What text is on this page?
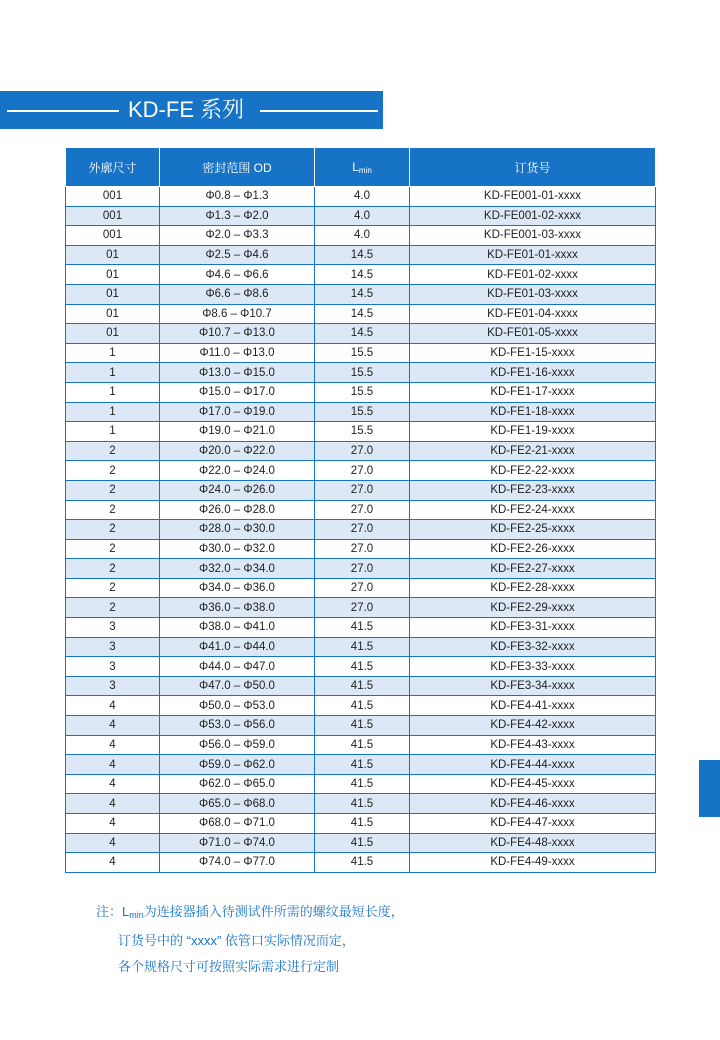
KD-FE 系列
外廓尺寸	密封范围 OD	$L_{min}$	订货号
001	Φ0.8 – Φ1.3	4.0	KD-FE001-01-xxxx
001	Φ1.3 – Φ2.0	4.0	KD-FE001-02-xxxx
001	Φ2.0 – Φ3.3	4.0	KD-FE001-03-xxxx
01	Φ2.5 – Φ4.6	14.5	KD-FE01-01-xxxx
01	Φ4.6 – Φ6.6	14.5	KD-FE01-02-xxxx
01	Φ6.6 – Φ8.6	14.5	KD-FE01-03-xxxx
01	Φ8.6 – Φ10.7	14.5	KD-FE01-04-xxxx
01	Φ10.7 – Φ13.0	14.5	KD-FE01-05-xxxx
1	Φ11.0 – Φ13.0	15.5	KD-FE1-15-xxxx
1	Φ13.0 – Φ15.0	15.5	KD-FE1-16-xxxx
1	Φ15.0 – Φ17.0	15.5	KD-FE1-17-xxxx
1	Φ17.0 – Φ19.0	15.5	KD-FE1-18-xxxx
1	Φ19.0 – Φ21.0	15.5	KD-FE1-19-xxxx
2	Φ20.0 – Φ22.0	27.0	KD-FE2-21-xxxx
2	Φ22.0 – Φ24.0	27.0	KD-FE2-22-xxxx
2	Φ24.0 – Φ26.0	27.0	KD-FE2-23-xxxx
2	Φ26.0 – Φ28.0	27.0	KD-FE2-24-xxxx
2	Φ28.0 – Φ30.0	27.0	KD-FE2-25-xxxx
2	Φ30.0 – Φ32.0	27.0	KD-FE2-26-xxxx
2	Φ32.0 – Φ34.0	27.0	KD-FE2-27-xxxx
2	Φ34.0 – Φ36.0	27.0	KD-FE2-28-xxxx
2	Φ36.0 – Φ38.0	27.0	KD-FE2-29-xxxx
3	Φ38.0 – Φ41.0	41.5	KD-FE3-31-xxxx
3	Φ41.0 – Φ44.0	41.5	KD-FE3-32-xxxx
3	Φ44.0 – Φ47.0	41.5	KD-FE3-33-xxxx
3	Φ47.0 – Φ50.0	41.5	KD-FE3-34-xxxx
4	Φ50.0 – Φ53.0	41.5	KD-FE4-41-xxxx
4	Φ53.0 – Φ56.0	41.5	KD-FE4-42-xxxx
4	Φ56.0 – Φ59.0	41.5	KD-FE4-43-xxxx
4	Φ59.0 – Φ62.0	41.5	KD-FE4-44-xxxx
4	Φ62.0 – Φ65.0	41.5	KD-FE4-45-xxxx
4	Φ65.0 – Φ68.0	41.5	KD-FE4-46-xxxx
4	Φ68.0 – Φ71.0	41.5	KD-FE4-47-xxxx
4	Φ71.0 – Φ74.0	41.5	KD-FE4-48-xxxx
4	Φ74.0 – Φ77.0	41.5	KD-FE4-49-xxxx
注：$L_{min}$为连接器插入待测试件所需的螺纹最短长度，
订货号中的 “xxxx” 依管口实际情况而定，
各个规格尺寸可按照实际需求进行定制
